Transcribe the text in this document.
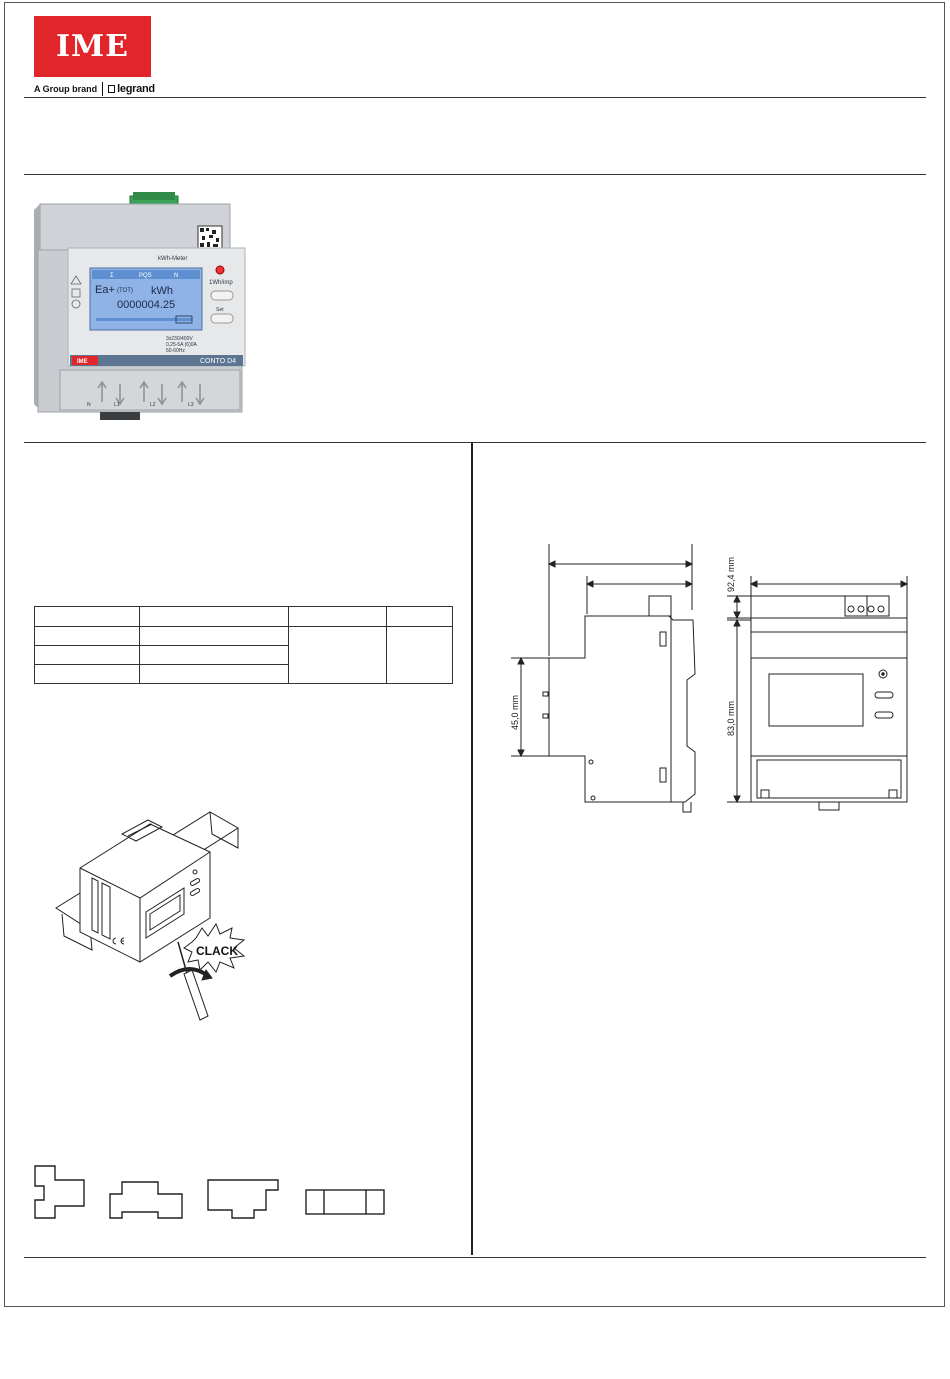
IME
A Group brand legrand
kWh-Meter
Σ	PQS	N
Ea+ (TOT) kWh
0000004.25
1Wh/imp
Set
3x230/400V
0,25-5A (6)0A
50-60Hz
IME	CONTO D4
N	L1	L2	L3

CLACK
45,0 mm	83,0 mm
92,4 mm
